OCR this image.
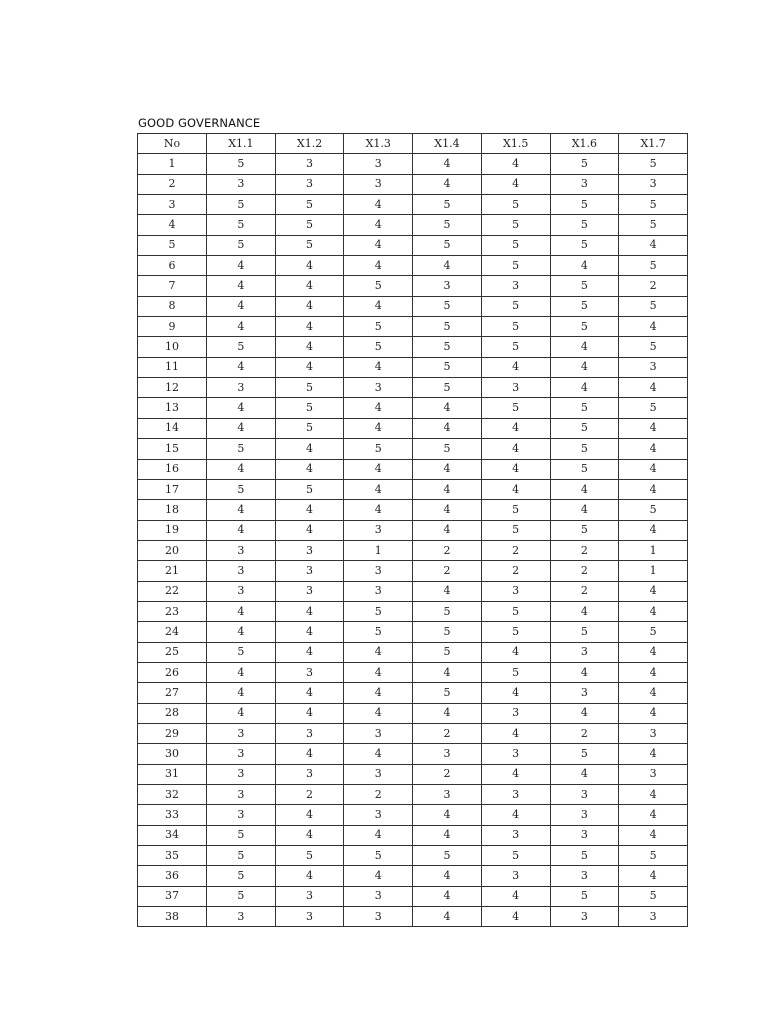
GOOD GOVERNANCE
No	X1.1	X1.2	X1.3	X1.4	X1.5	X1.6	X1.7
1	5	3	3	4	4	5	5
2	3	3	3	4	4	3	3
3	5	5	4	5	5	5	5
4	5	5	4	5	5	5	5
5	5	5	4	5	5	5	4
6	4	4	4	4	5	4	5
7	4	4	5	3	3	5	2
8	4	4	4	5	5	5	5
9	4	4	5	5	5	5	4
10	5	4	5	5	5	4	5
11	4	4	4	5	4	4	3
12	3	5	3	5	3	4	4
13	4	5	4	4	5	5	5
14	4	5	4	4	4	5	4
15	5	4	5	5	4	5	4
16	4	4	4	4	4	5	4
17	5	5	4	4	4	4	4
18	4	4	4	4	5	4	5
19	4	4	3	4	5	5	4
20	3	3	1	2	2	2	1
21	3	3	3	2	2	2	1
22	3	3	3	4	3	2	4
23	4	4	5	5	5	4	4
24	4	4	5	5	5	5	5
25	5	4	4	5	4	3	4
26	4	3	4	4	5	4	4
27	4	4	4	5	4	3	4
28	4	4	4	4	3	4	4
29	3	3	3	2	4	2	3
30	3	4	4	3	3	5	4
31	3	3	3	2	4	4	3
32	3	2	2	3	3	3	4
33	3	4	3	4	4	3	4
34	5	4	4	4	3	3	4
35	5	5	5	5	5	5	5
36	5	4	4	4	3	3	4
37	5	3	3	4	4	5	5
38	3	3	3	4	4	3	3
